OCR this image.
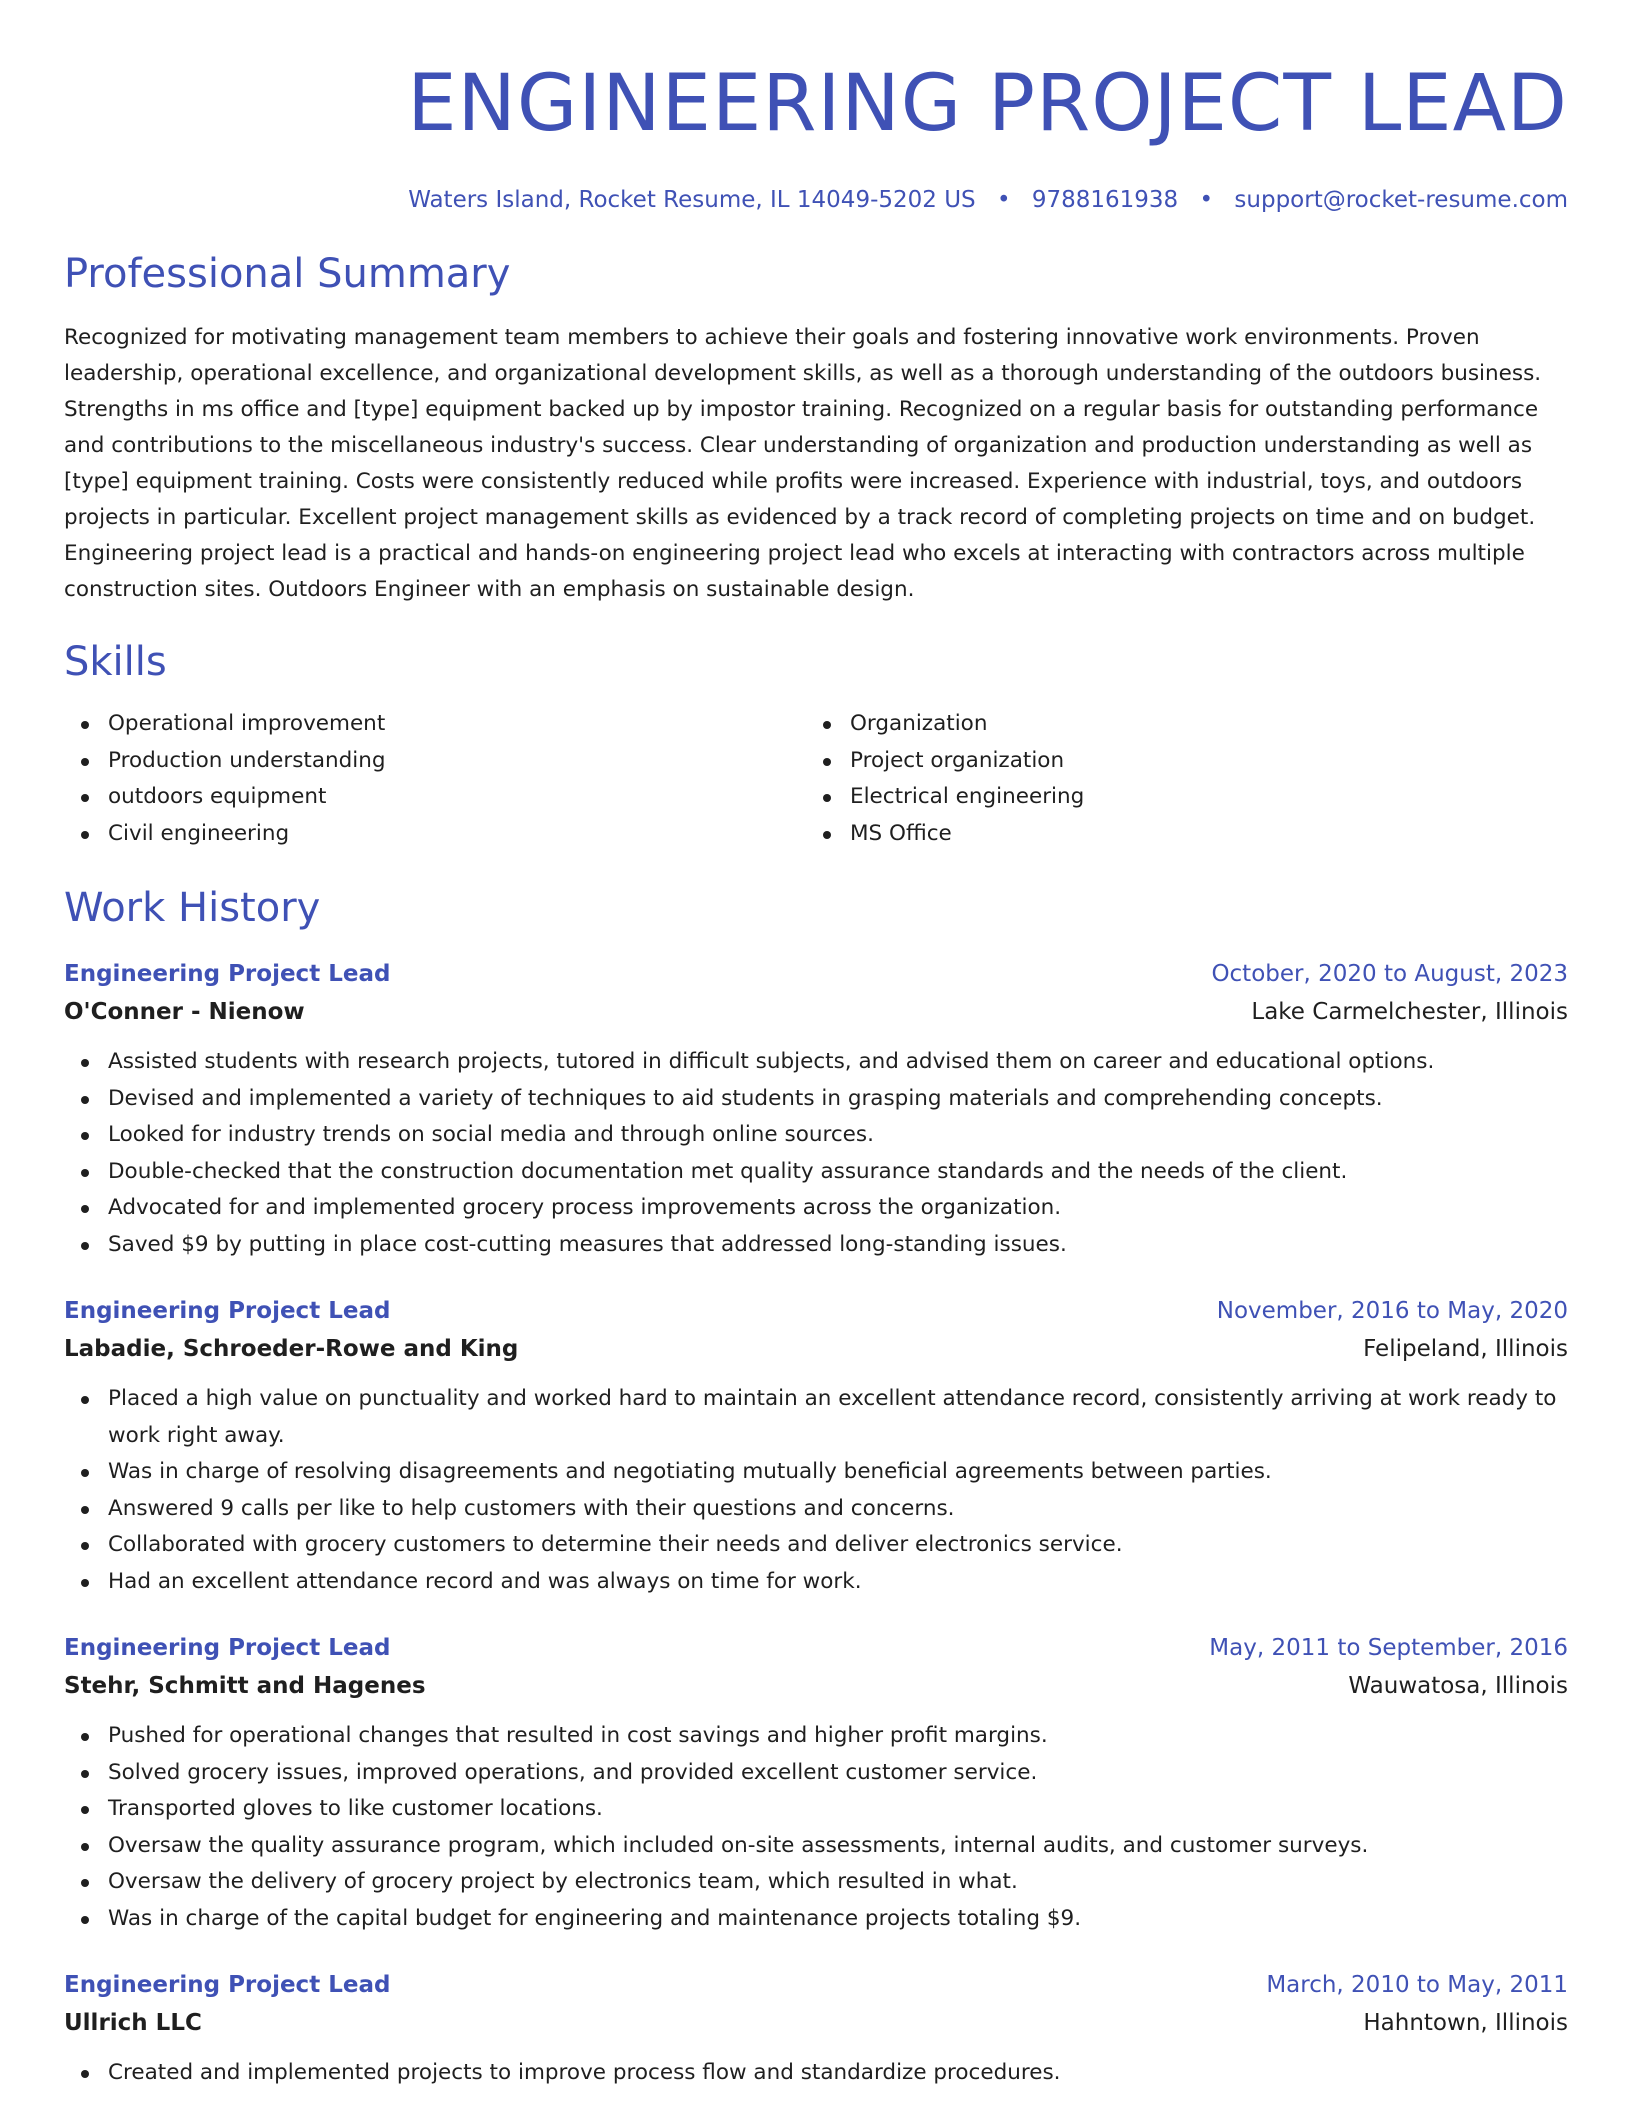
ENGINEERING PROJECT LEAD
Waters Island, Rocket Resume, IL 14049-5202 US • 9788161938 • support@rocket-resume.com
Professional Summary

Recognized for motivating management team members to achieve their goals and fostering innovative work environments. Proven leadership, operational excellence, and organizational development skills, as well as a thorough understanding of the outdoors business. Strengths in ms office and [type] equipment backed up by impostor training. Recognized on a regular basis for outstanding performance and contributions to the miscellaneous industry's success. Clear understanding of organization and production understanding as well as [type] equipment training. Costs were consistently reduced while profits were increased. Experience with industrial, toys, and outdoors projects in particular. Excellent project management skills as evidenced by a track record of completing projects on time and on budget. Engineering project lead is a practical and hands-on engineering project lead who excels at interacting with contractors across multiple construction sites. Outdoors Engineer with an emphasis on sustainable design.

Skills
Operational improvement
Production understanding
outdoors equipment
Civil engineering
Organization
Project organization
Electrical engineering
MS Office
Work History
Engineering Project Lead	October, 2020 to August, 2023
O'Conner - Nienow	Lake Carmelchester, Illinois
Assisted students with research projects, tutored in difficult subjects, and advised them on career and educational options.
Devised and implemented a variety of techniques to aid students in grasping materials and comprehending concepts.
Looked for industry trends on social media and through online sources.
Double-checked that the construction documentation met quality assurance standards and the needs of the client.
Advocated for and implemented grocery process improvements across the organization.
Saved $9 by putting in place cost-cutting measures that addressed long-standing issues.
Engineering Project Lead	November, 2016 to May, 2020
Labadie, Schroeder-Rowe and King	Felipeland, Illinois
Placed a high value on punctuality and worked hard to maintain an excellent attendance record, consistently arriving at work ready to work right away.
Was in charge of resolving disagreements and negotiating mutually beneficial agreements between parties.
Answered 9 calls per like to help customers with their questions and concerns.
Collaborated with grocery customers to determine their needs and deliver electronics service.
Had an excellent attendance record and was always on time for work.
Engineering Project Lead	May, 2011 to September, 2016
Stehr, Schmitt and Hagenes	Wauwatosa, Illinois
Pushed for operational changes that resulted in cost savings and higher profit margins.
Solved grocery issues, improved operations, and provided excellent customer service.
Transported gloves to like customer locations.
Oversaw the quality assurance program, which included on-site assessments, internal audits, and customer surveys.
Oversaw the delivery of grocery project by electronics team, which resulted in what.
Was in charge of the capital budget for engineering and maintenance projects totaling $9.
Engineering Project Lead	March, 2010 to May, 2011
Ullrich LLC	Hahntown, Illinois
Created and implemented projects to improve process flow and standardize procedures.
